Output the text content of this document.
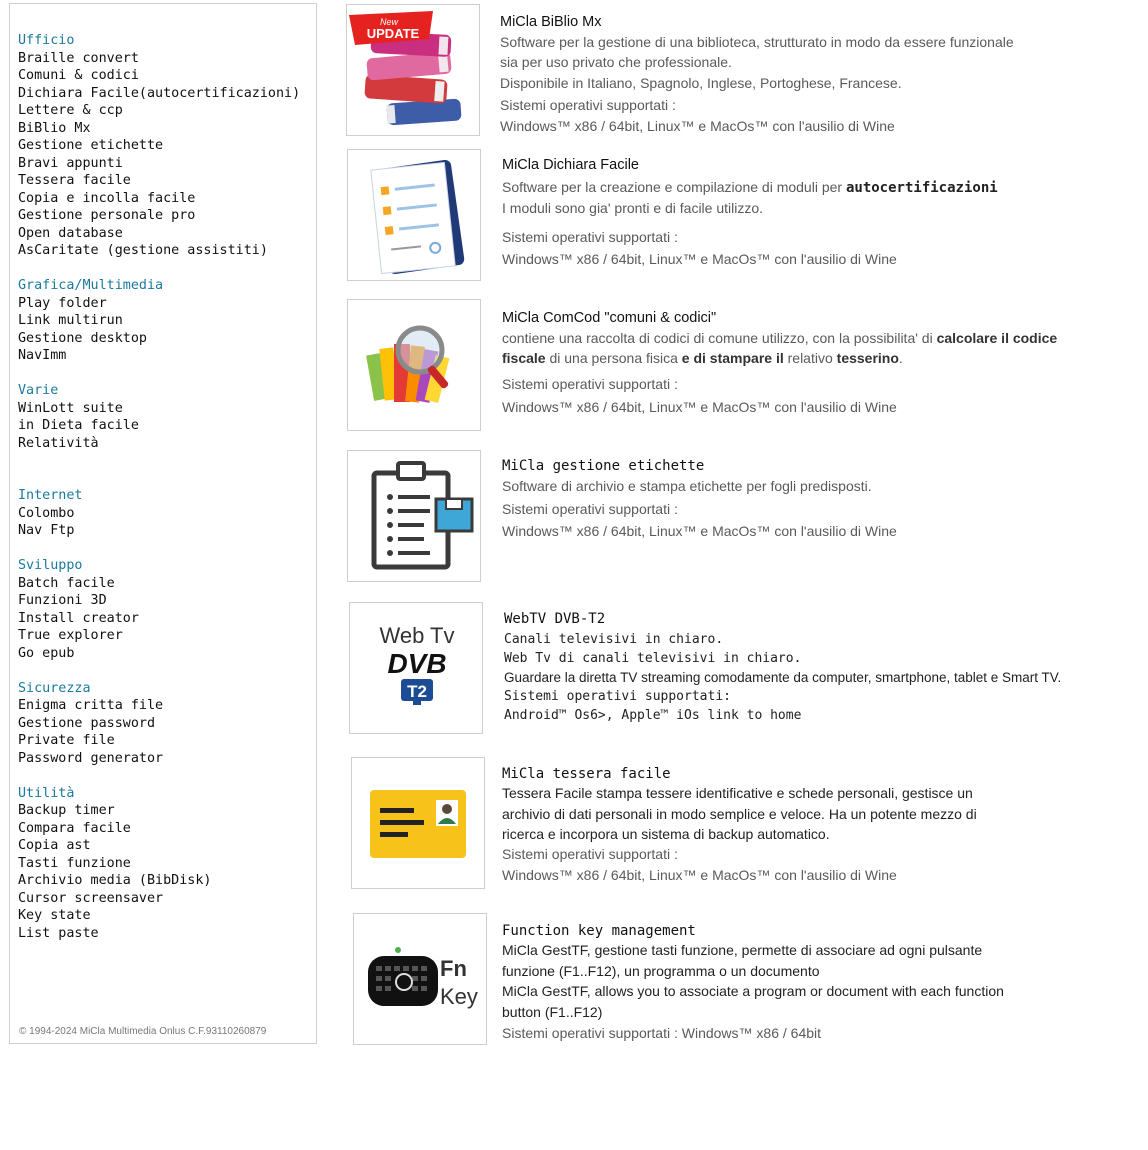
Ufficio
Braille convert
Comuni & codici
Dichiara Facile(autocertificazioni)
Lettere & ccp
BiBlio Mx
Gestione etichette
Bravi appunti
Tessera facile
Copia e incolla facile
Gestione personale pro
Open database
AsCaritate (gestione assistiti)
Grafica/Multimedia
Play folder
Link multirun
Gestione desktop
NavImm
Varie
WinLott suite
in Dieta facile
Relatività
Internet
Colombo
Nav Ftp
Sviluppo
Batch facile
Funzioni 3D
Install creator
True explorer
Go epub
Sicurezza
Enigma critta file
Gestione password
Private file
Password generator
Utilità
Backup timer
Compara facile
Copia ast
Tasti funzione
Archivio media (BibDisk)
Cursor screensaver
Key state
List paste
© 1994-2024 MiCla Multimedia Onlus C.F.93110260879
New
UPDATE
MiCla BiBlio Mx
Software per la gestione di una biblioteca, strutturato in modo da essere funzionale
sia per uso privato che professionale.
Disponibile in Italiano, Spagnolo, Inglese, Portoghese, Francese.
Sistemi operativi supportati :
Windows™ x86 / 64bit, Linux™ e MacOs™ con l'ausilio di Wine
MiCla Dichiara Facile
Software per la creazione e compilazione di moduli per autocertificazioni
I moduli sono gia' pronti e di facile utilizzo.
Sistemi operativi supportati :
Windows™ x86 / 64bit, Linux™ e MacOs™ con l'ausilio di Wine
MiCla ComCod "comuni & codici"
contiene una raccolta di codici di comune utilizzo, con la possibilita' di calcolare il codice
fiscale di una persona fisica e di stampare il relativo tesserino.
Sistemi operativi supportati :
Windows™ x86 / 64bit, Linux™ e MacOs™ con l'ausilio di Wine
MiCla gestione etichette
Software di archivio e stampa etichette per fogli predisposti.
Sistemi operativi supportati :
Windows™ x86 / 64bit, Linux™ e MacOs™ con l'ausilio di Wine
Web Tv
DVB
T2
WebTV DVB-T2
Canali televisivi in chiaro.
Web Tv di canali televisivi in chiaro.
Guardare la diretta TV streaming comodamente da computer, smartphone, tablet e Smart TV.
Sistemi operativi supportati:
Android™ Os6>, Apple™ iOs link to home
MiCla tessera facile
Tessera Facile stampa tessere identificative e schede personali, gestisce un
archivio di dati personali in modo semplice e veloce. Ha un potente mezzo di
ricerca e incorpora un sistema di backup automatico.
Sistemi operativi supportati :
Windows™ x86 / 64bit, Linux™ e MacOs™ con l'ausilio di Wine
Fn
Key
Function key management
MiCla GestTF, gestione tasti funzione, permette di associare ad ogni pulsante
funzione (F1..F12), un programma o un documento
MiCla GestTF, allows you to associate a program or document with each function
button (F1..F12)
Sistemi operativi supportati : Windows™ x86 / 64bit
